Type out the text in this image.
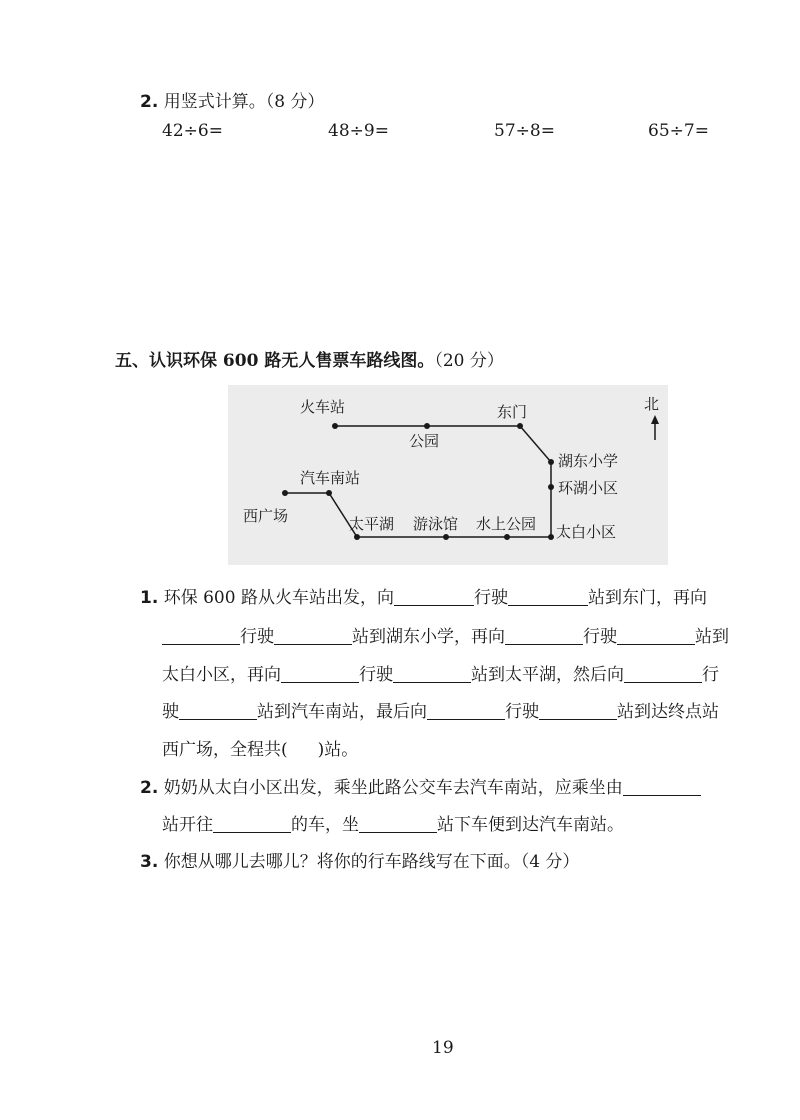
2. 用竖式计算。（8 分）
42÷6=	48÷9=	57÷8=	65÷7=
五、认识环保 600 路无人售票车路线图。（20 分）
北
火车站
公园
东门
湖东小学
环湖小区
太白小区
水上公园
游泳馆
太平湖
汽车南站
西广场
1. 环保 600 路从火车站出发，向	行驶	站到东门，再向
行驶	站到湖东小学，再向	行驶	站到
太白小区，再向	行驶	站到太平湖，然后向	行
驶	站到汽车南站，最后向	行驶	站到达终点站
西广场，全程共( )站。
2. 奶奶从太白小区出发，乘坐此路公交车去汽车南站，应乘坐由
站开往	的车，坐	站下车便到达汽车南站。
3. 你想从哪儿去哪儿？将你的行车路线写在下面。（4 分）
19
